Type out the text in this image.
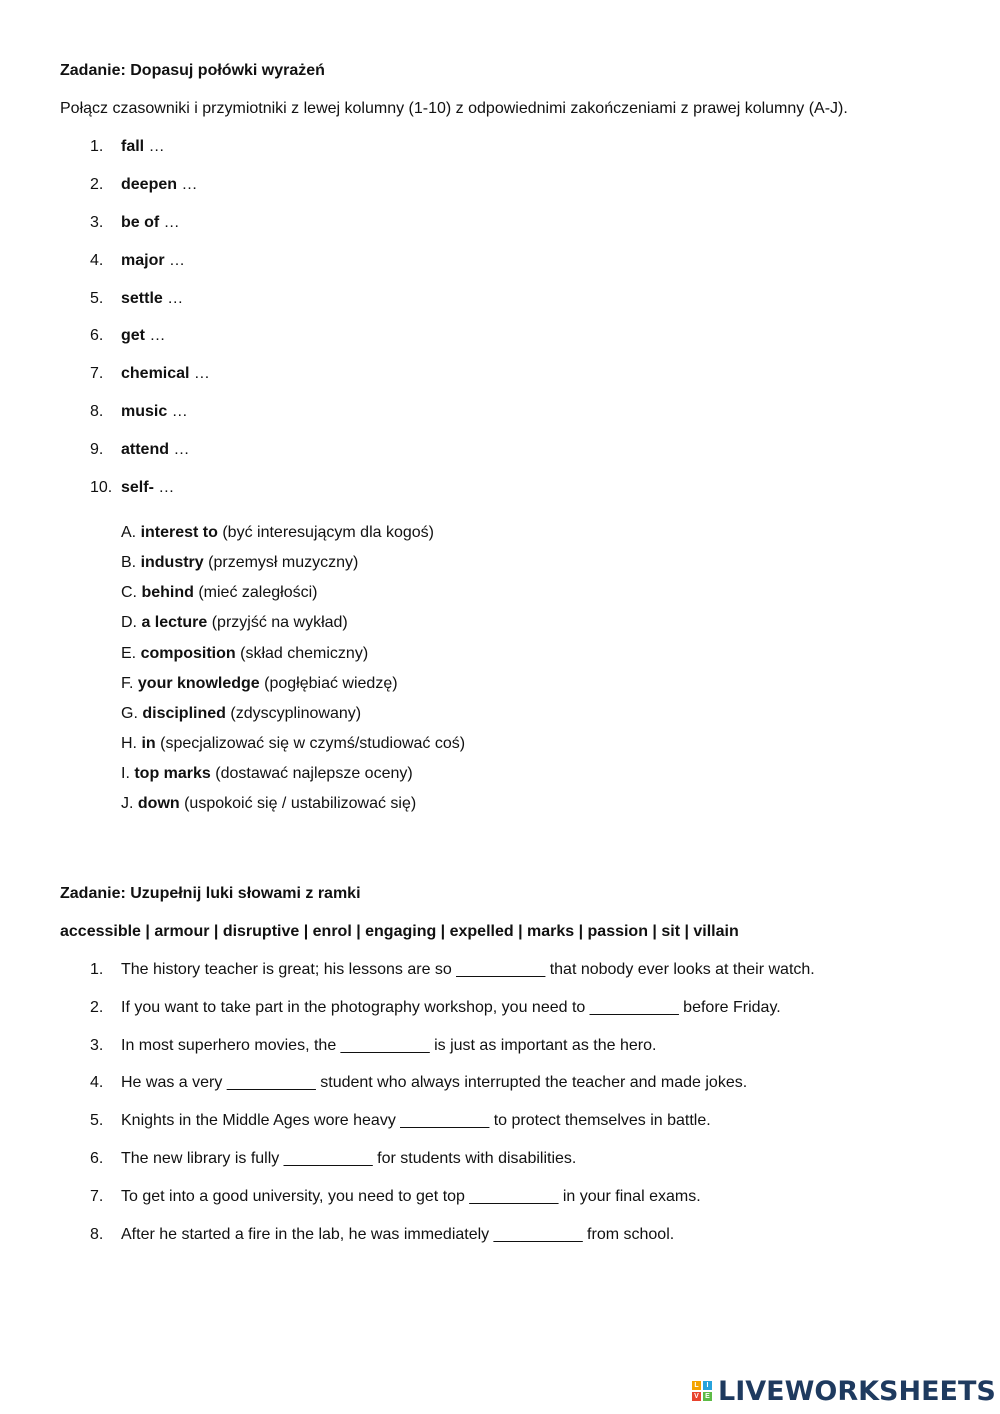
Zadanie: Dopasuj połówki wyrażeń
Połącz czasowniki i przymiotniki z lewej kolumny (1-10) z odpowiednimi zakończeniami z prawej kolumny (A-J).
1.	fall …
2.	deepen …
3.	be of …
4.	major …
5.	settle …
6.	get …
7.	chemical …
8.	music …
9.	attend …
10. self- …
A. interest to (być interesującym dla kogoś)
B. industry (przemysł muzyczny)
C. behind (mieć zaległości)
D. a lecture (przyjść na wykład)
E. composition (skład chemiczny)
F. your knowledge (pogłębiać wiedzę)
G. disciplined (zdyscyplinowany)
H. in (specjalizować się w czymś/studiować coś)
I. top marks (dostawać najlepsze oceny)
J. down (uspokoić się / ustabilizować się)
Zadanie: Uzupełnij luki słowami z ramki
accessible | armour | disruptive | enrol | engaging | expelled | marks | passion | sit | villain
1.	The history teacher is great; his lessons are so __________ that nobody ever looks at their watch.
2.	If you want to take part in the photography workshop, you need to __________ before Friday.
3.	In most superhero movies, the __________ is just as important as the hero.
4.	He was a very __________ student who always interrupted the teacher and made jokes.
5.	Knights in the Middle Ages wore heavy __________ to protect themselves in battle.
6.	The new library is fully __________ for students with disabilities.
7.	To get into a good university, you need to get top __________ in your final exams.
8.	After he started a fire in the lab, he was immediately __________ from school.
L	I
V E LIVEWORKSHEETS
